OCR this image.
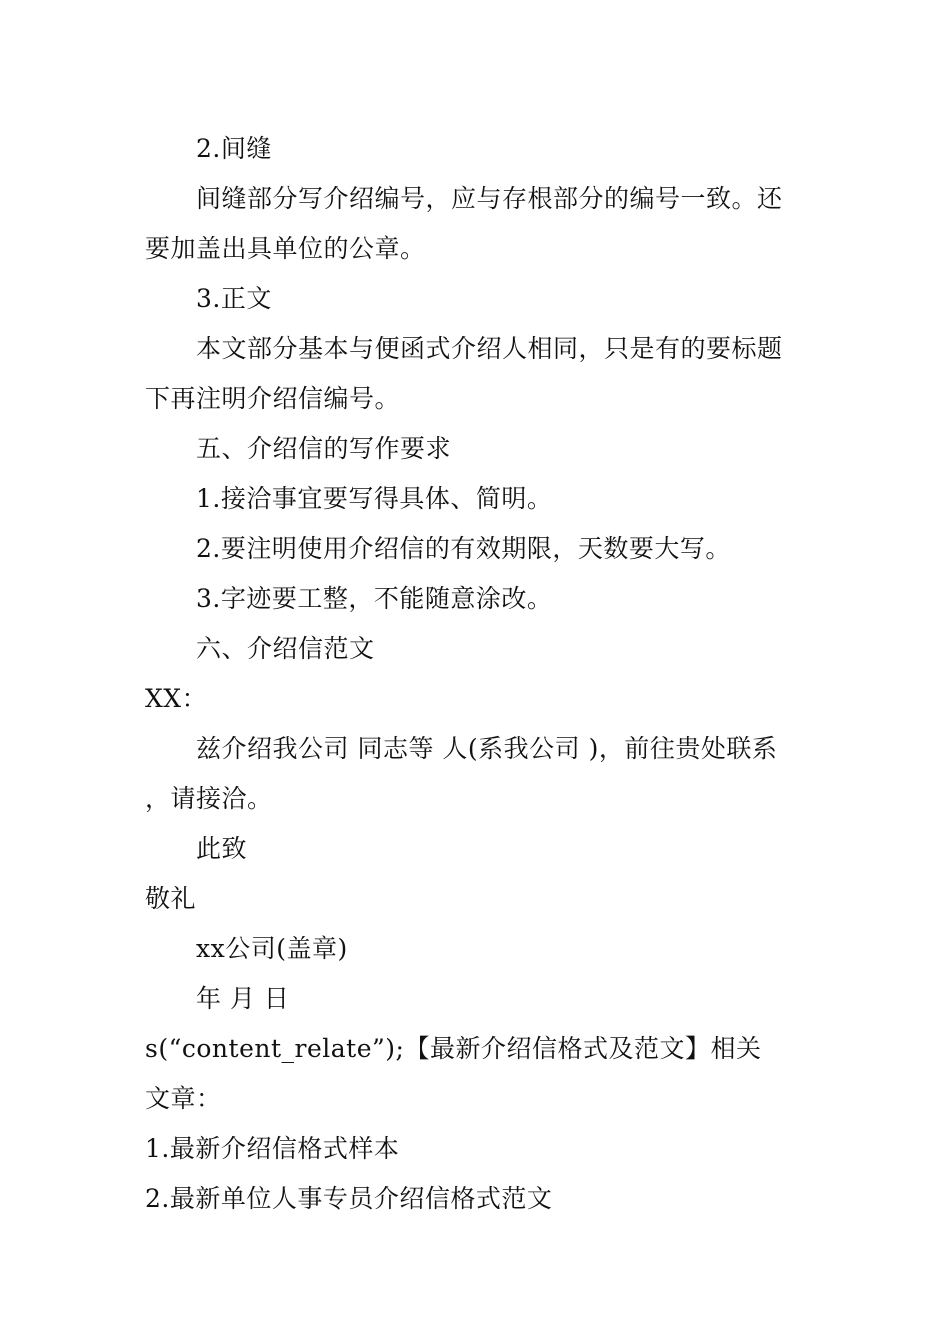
2.间缝
间缝部分写介绍编号，应与存根部分的编号一致。还
要加盖出具单位的公章。
3.正文
本文部分基本与便函式介绍人相同，只是有的要标题
下再注明介绍信编号。
五、介绍信的写作要求
1.接洽事宜要写得具体、简明。
2.要注明使用介绍信的有效期限，天数要大写。
3.字迹要工整，不能随意涂改。
六、介绍信范文
XX：
兹介绍我公司 同志等 人(系我公司 )，前往贵处联系
，请接洽。
此致
敬礼
xx公司(盖章)
年 月 日
s(“content_relate”);【最新介绍信格式及范文】相关
文章：
1.最新介绍信格式样本
2.最新单位人事专员介绍信格式范文
